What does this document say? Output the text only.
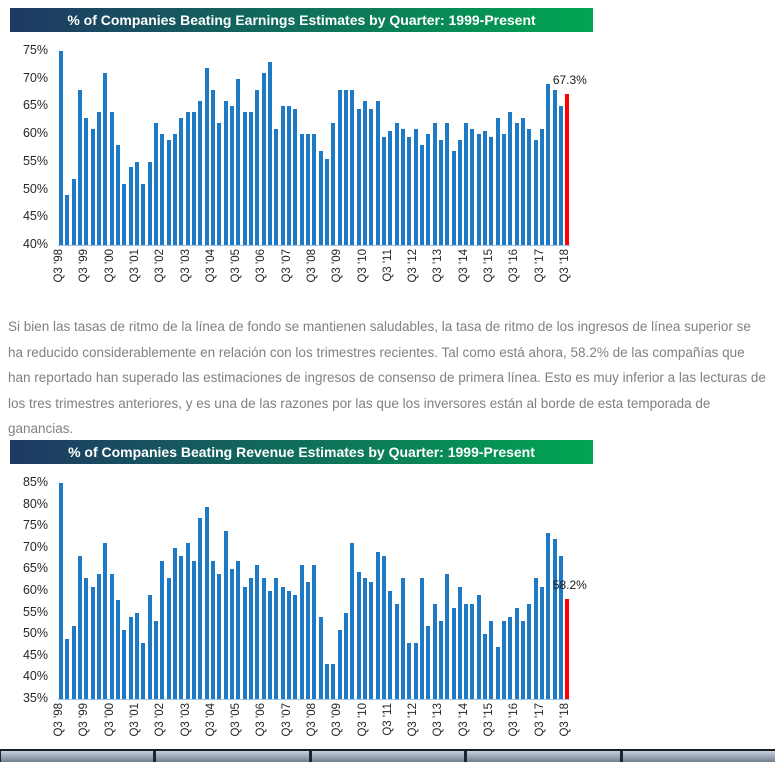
% of Companies Beating Earnings Estimates by Quarter: 1999-Present
75%
70%
65%
60%
55%
50%
45%
40%
Q3 '98 Q3 '99 Q3 '00 Q3 '01 Q3 '02 Q3 '03 Q3 '04 Q3 '05 Q3 '06 Q3 '07 Q3 '08 Q3 '09 Q3 '10 Q3 '11 Q3 '12 Q3 '13 Q3 '14 Q3 '15 Q3 '16 Q3 '17 Q3 '18
67.3%

Si bien las tasas de ritmo de la línea de fondo se mantienen saludables, la tasa de ritmo de los ingresos de línea superior se ha reducido considerablemente en relación con los trimestres recientes. Tal como está ahora, 58.2% de las compañías que han reportado han superado las estimaciones de ingresos de consenso de primera línea. Esto es muy inferior a las lecturas de los tres trimestres anteriores, y es una de las razones por las que los inversores están al borde de esta temporada de ganancias.

% of Companies Beating Revenue Estimates by Quarter: 1999-Present
85%
80%
75%
70%
65%
60%
55%
50%
45%
40%
35%
Q3 '98 Q3 '99 Q3 '00 Q3 '01 Q3 '02 Q3 '03 Q3 '04 Q3 '05 Q3 '06 Q3 '07 Q3 '08 Q3 '09 Q3 '10 Q3 '11 Q3 '12 Q3 '13 Q3 '14 Q3 '15 Q3 '16 Q3 '17 Q3 '18
58.2%
